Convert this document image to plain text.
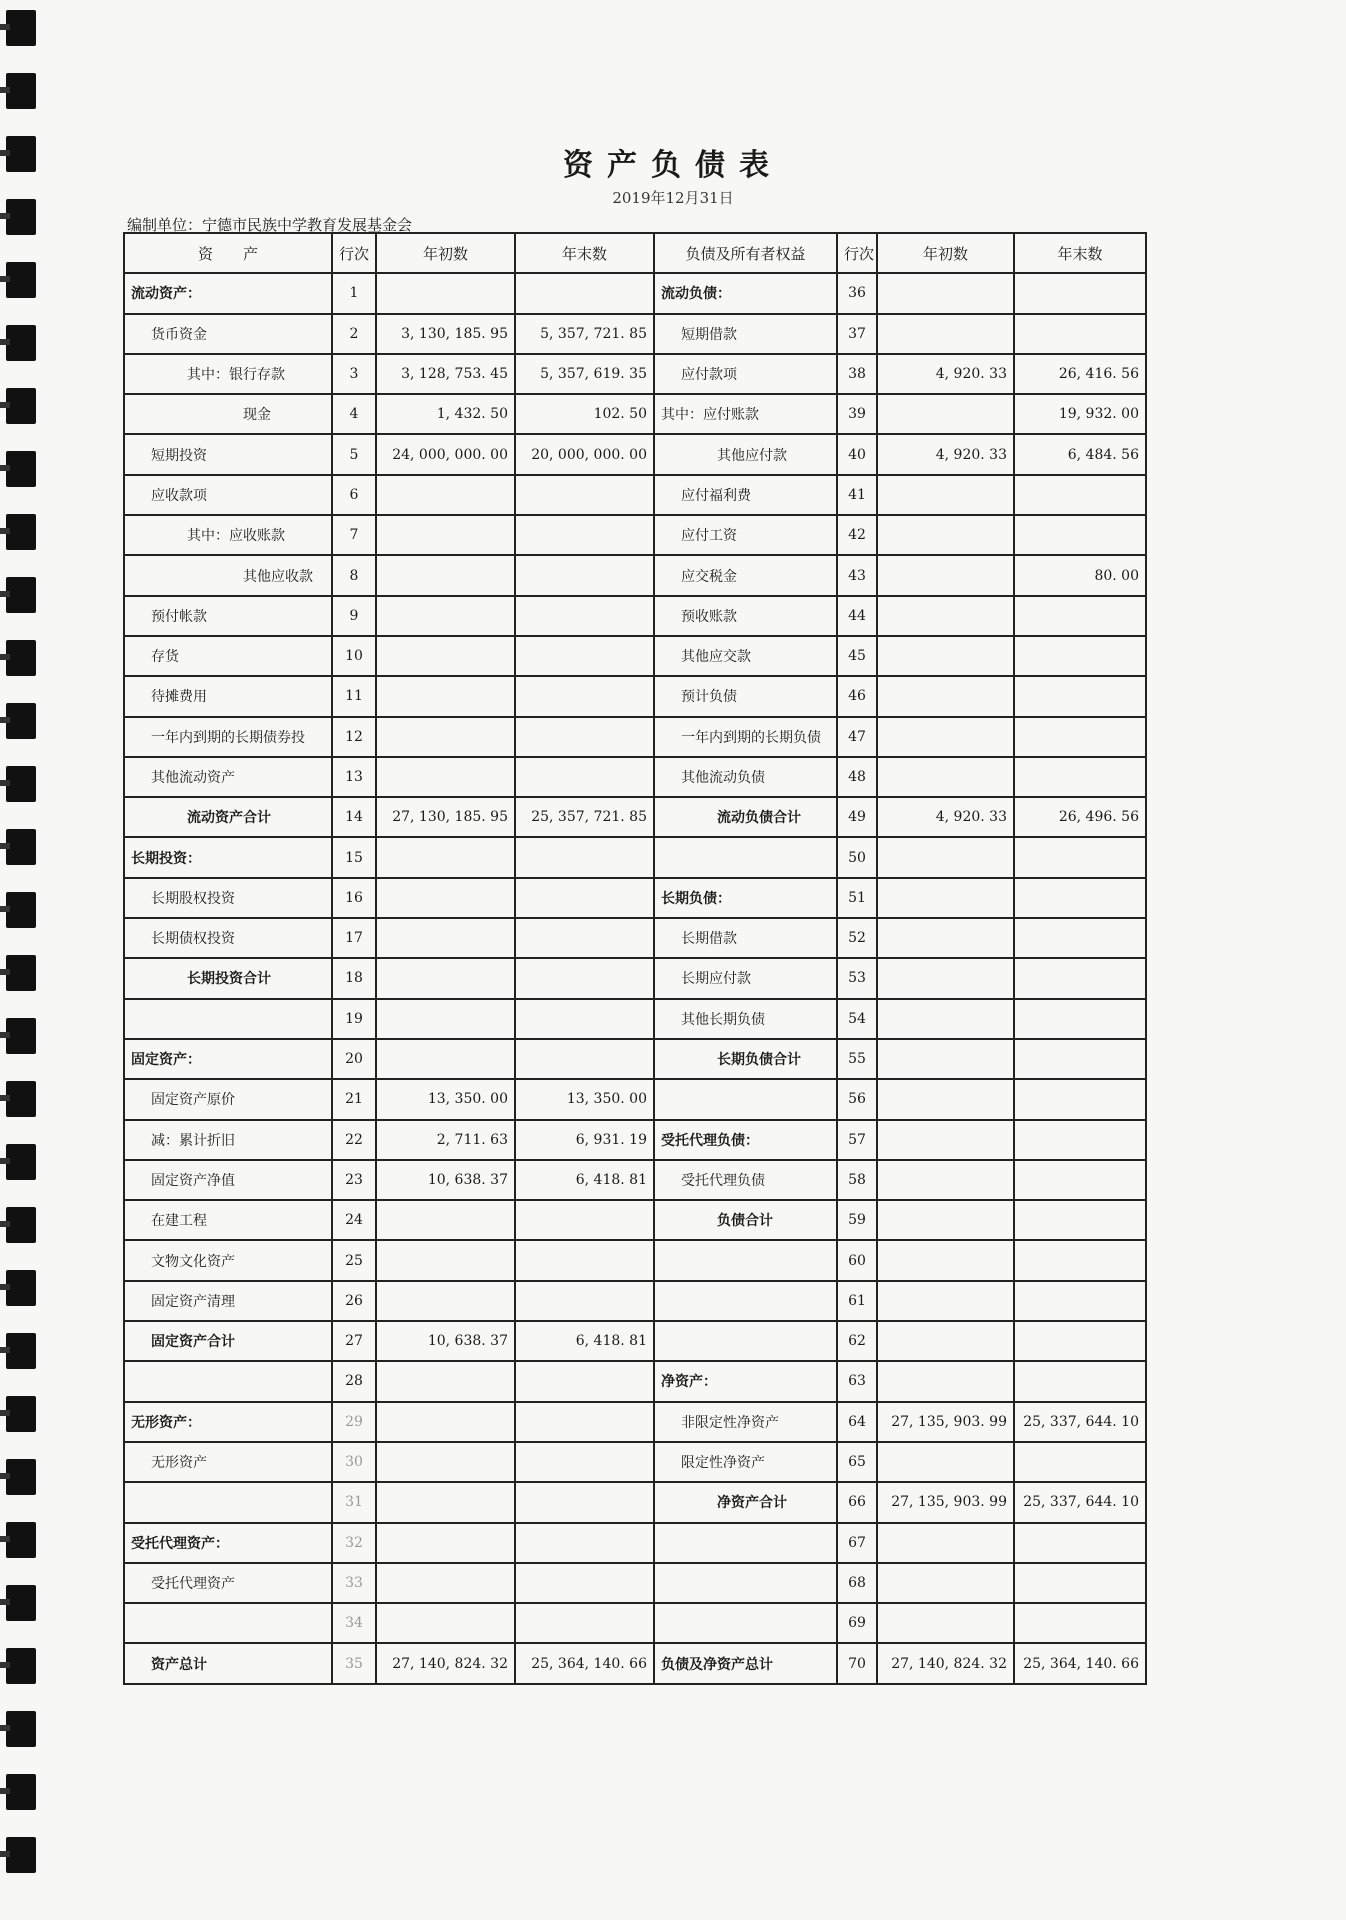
资产负债表
2019年12月31日
编制单位：宁德市民族中学教育发展基金会
资　　产	行次	年初数	年末数	负债及所有者权益	行次	年初数	年末数
流动资产：	1			流动负债：	36		
货币资金	2	3, 130, 185. 95	5, 357, 721. 85	短期借款	37		
其中：银行存款	3	3, 128, 753. 45	5, 357, 619. 35	应付款项	38	4, 920. 33	26, 416. 56
现金	4	1, 432. 50	102. 50	其中：应付账款	39		19, 932. 00
短期投资	5	24, 000, 000. 00	20, 000, 000. 00	其他应付款	40	4, 920. 33	6, 484. 56
应收款项	6			应付福利费	41		
其中：应收账款	7			应付工资	42		
其他应收款	8			应交税金	43		80. 00
预付帐款	9			预收账款	44		
存货	10			其他应交款	45		
待摊费用	11			预计负债	46		
一年内到期的长期债券投	12			一年内到期的长期负债	47		
其他流动资产	13			其他流动负债	48		
流动资产合计	14	27, 130, 185. 95	25, 357, 721. 85	流动负债合计	49	4, 920. 33	26, 496. 56
长期投资：	15				50		
长期股权投资	16			长期负债：	51		
长期债权投资	17			长期借款	52		
长期投资合计	18			长期应付款	53		
	19			其他长期负债	54		
固定资产：	20			长期负债合计	55		
固定资产原价	21	13, 350. 00	13, 350. 00		56		
减：累计折旧	22	2, 711. 63	6, 931. 19	受托代理负债：	57		
固定资产净值	23	10, 638. 37	6, 418. 81	受托代理负债	58		
在建工程	24			负债合计	59		
文物文化资产	25				60		
固定资产清理	26				61		
固定资产合计	27	10, 638. 37	6, 418. 81		62		
	28			净资产：	63		
无形资产：	29			非限定性净资产	64	27, 135, 903. 99	25, 337, 644. 10
无形资产	30			限定性净资产	65		
	31			净资产合计	66	27, 135, 903. 99	25, 337, 644. 10
受托代理资产：	32				67		
受托代理资产	33				68		
	34				69		
资产总计	35	27, 140, 824. 32	25, 364, 140. 66	负债及净资产总计	70	27, 140, 824. 32	25, 364, 140. 66
